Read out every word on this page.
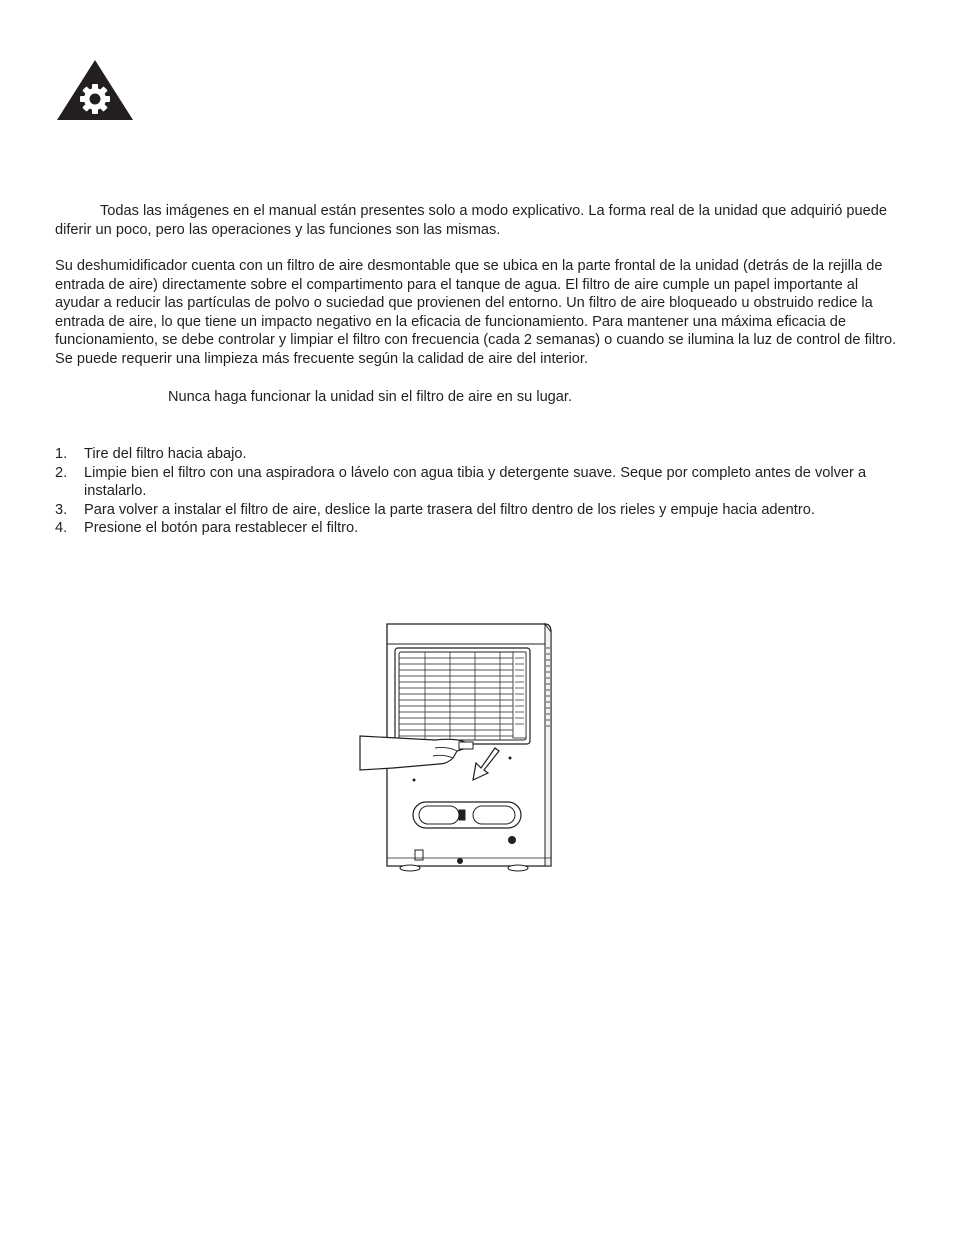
Todas las imágenes en el manual están presentes solo a modo explicativo. La forma real de la unidad que adquirió puede diferir un poco, pero las operaciones y las funciones son las mismas.

Su deshumidificador cuenta con un filtro de aire desmontable que se ubica en la parte frontal de la unidad (detrás de la rejilla de entrada de aire) directamente sobre el compartimento para el tanque de agua. El filtro de aire cumple un papel importante al ayudar a reducir las partículas de polvo o suciedad que provienen del entorno. Un filtro de aire bloqueado u obstruido redice la entrada de aire, lo que tiene un impacto negativo en la eficacia de funcionamiento. Para mantener una máxima eficacia de funcionamiento, se debe controlar y limpiar el filtro con frecuencia (cada 2 semanas) o cuando se ilumina la luz de control de filtro. Se puede requerir una limpieza más frecuente según la calidad de aire del interior.

Nunca haga funcionar la unidad sin el filtro de aire en su lugar.

1. Tire del filtro hacia abajo.
2. Limpie bien el filtro con una aspiradora o lávelo con agua tibia y detergente suave. Seque por completo antes de volver a instalarlo.
3. Para volver a instalar el filtro de aire, deslice la parte trasera del filtro dentro de los rieles y empuje hacia adentro.
4. Presione el botón para restablecer el filtro.
